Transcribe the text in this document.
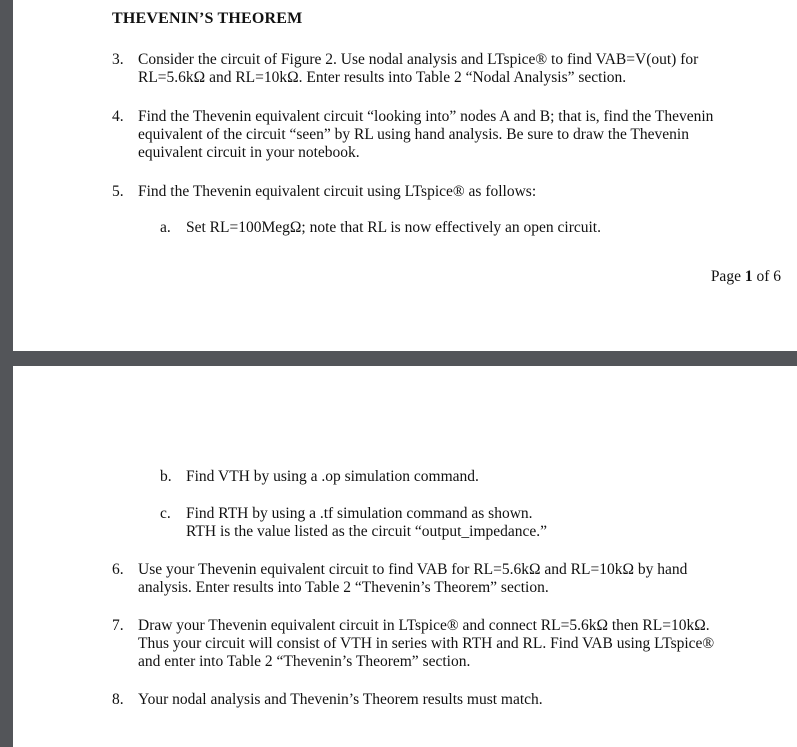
THEVENIN’S THEOREM
3. Consider the circuit of Figure 2. Use nodal analysis and LTspice® to find VAB=V(out) for
RL=5.6kΩ and RL=10kΩ. Enter results into Table 2 “Nodal Analysis” section.
4. Find the Thevenin equivalent circuit “looking into” nodes A and B; that is, find the Thevenin
equivalent of the circuit “seen” by RL using hand analysis. Be sure to draw the Thevenin
equivalent circuit in your notebook.
5. Find the Thevenin equivalent circuit using LTspice® as follows:
a. Set RL=100MegΩ; note that RL is now effectively an open circuit.
Page 1 of 6
b. Find VTH by using a .op simulation command.
c. Find RTH by using a .tf simulation command as shown.
RTH is the value listed as the circuit “output_impedance.”
6. Use your Thevenin equivalent circuit to find VAB for RL=5.6kΩ and RL=10kΩ by hand
analysis. Enter results into Table 2 “Thevenin’s Theorem” section.
7. Draw your Thevenin equivalent circuit in LTspice® and connect RL=5.6kΩ then RL=10kΩ.
Thus your circuit will consist of VTH in series with RTH and RL. Find VAB using LTspice®
and enter into Table 2 “Thevenin’s Theorem” section.
8. Your nodal analysis and Thevenin’s Theorem results must match.
